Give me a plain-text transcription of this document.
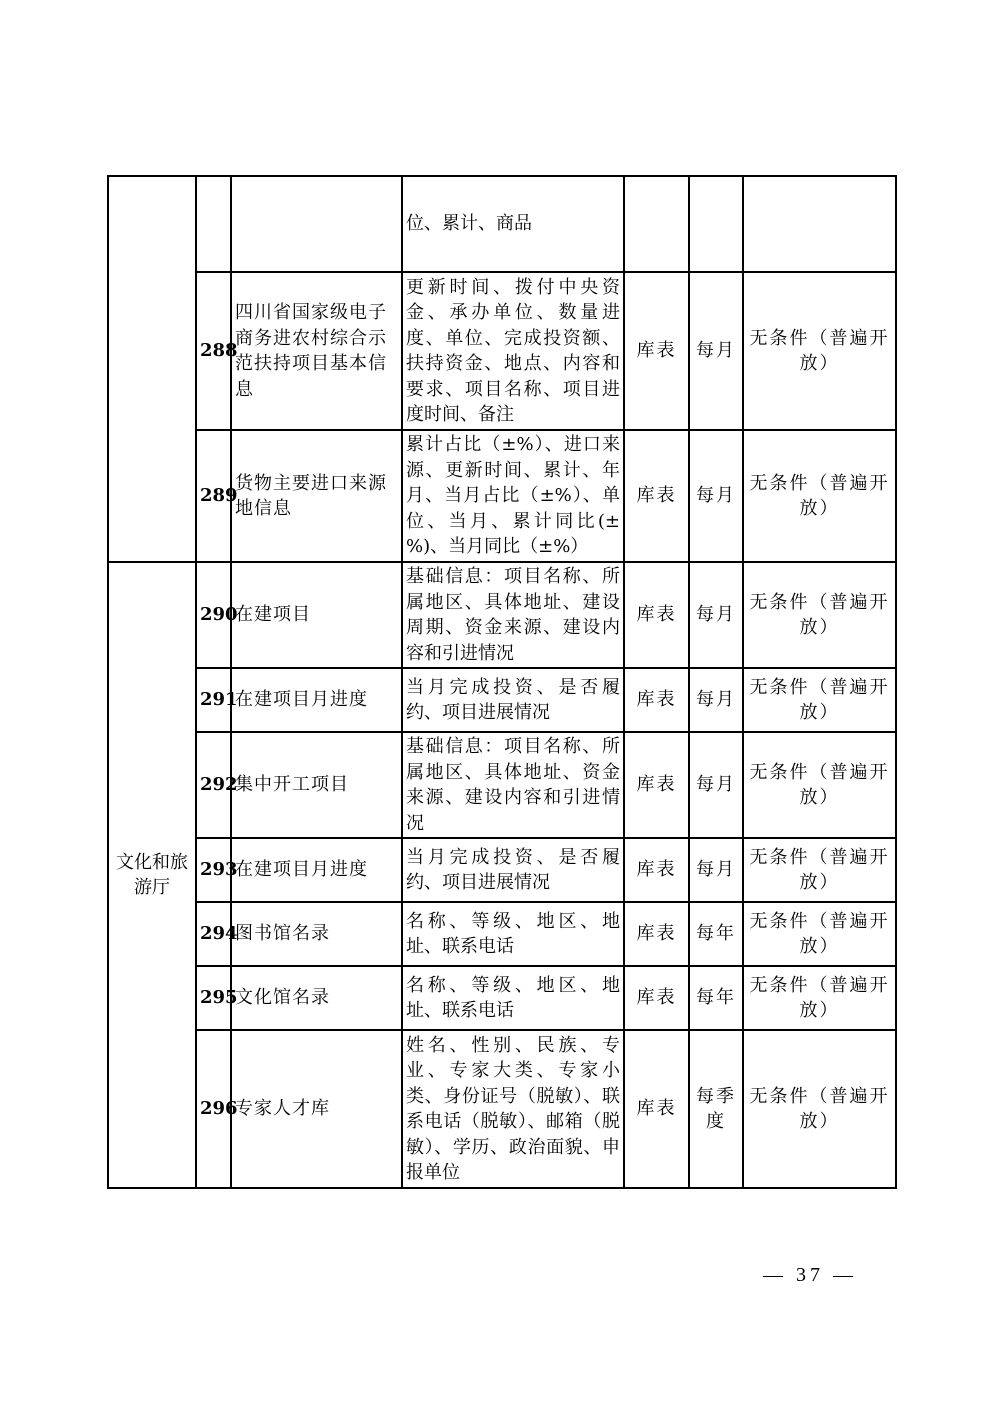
			位、累计、商品			
	288	四川省国家级电子商务进农村综合示范扶持项目基本信息	更新时间、拨付中央资金、承办单位、数量进度、单位、完成投资额、扶持资金、地点、内容和要求、项目名称、项目进度时间、备注	库表	每月	无条件（普遍开放）
	289	货物主要进口来源地信息	累计占比（±%）、进口来源、更新时间、累计、年月、当月占比（±%）、单位、当月、累计同比(±%)、当月同比（±%）	库表	每月	无条件（普遍开放）
文化和旅游厅	290	在建项目	基础信息：项目名称、所属地区、具体地址、建设周期、资金来源、建设内容和引进情况	库表	每月	无条件（普遍开放）
	291	在建项目月进度	当月完成投资、是否履约、项目进展情况	库表	每月	无条件（普遍开放）
	292	集中开工项目	基础信息：项目名称、所属地区、具体地址、资金来源、建设内容和引进情况	库表	每月	无条件（普遍开放）
	293	在建项目月进度	当月完成投资、是否履约、项目进展情况	库表	每月	无条件（普遍开放）
	294	图书馆名录	名称、等级、地区、地址、联系电话	库表	每年	无条件（普遍开放）
	295	文化馆名录	名称、等级、地区、地址、联系电话	库表	每年	无条件（普遍开放）
	296	专家人才库	姓名、性别、民族、专业、专家大类、专家小类、身份证号（脱敏）、联系电话（脱敏）、邮箱（脱敏）、学历、政治面貌、申报单位	库表	每季度	无条件（普遍开放）
— 37 —
